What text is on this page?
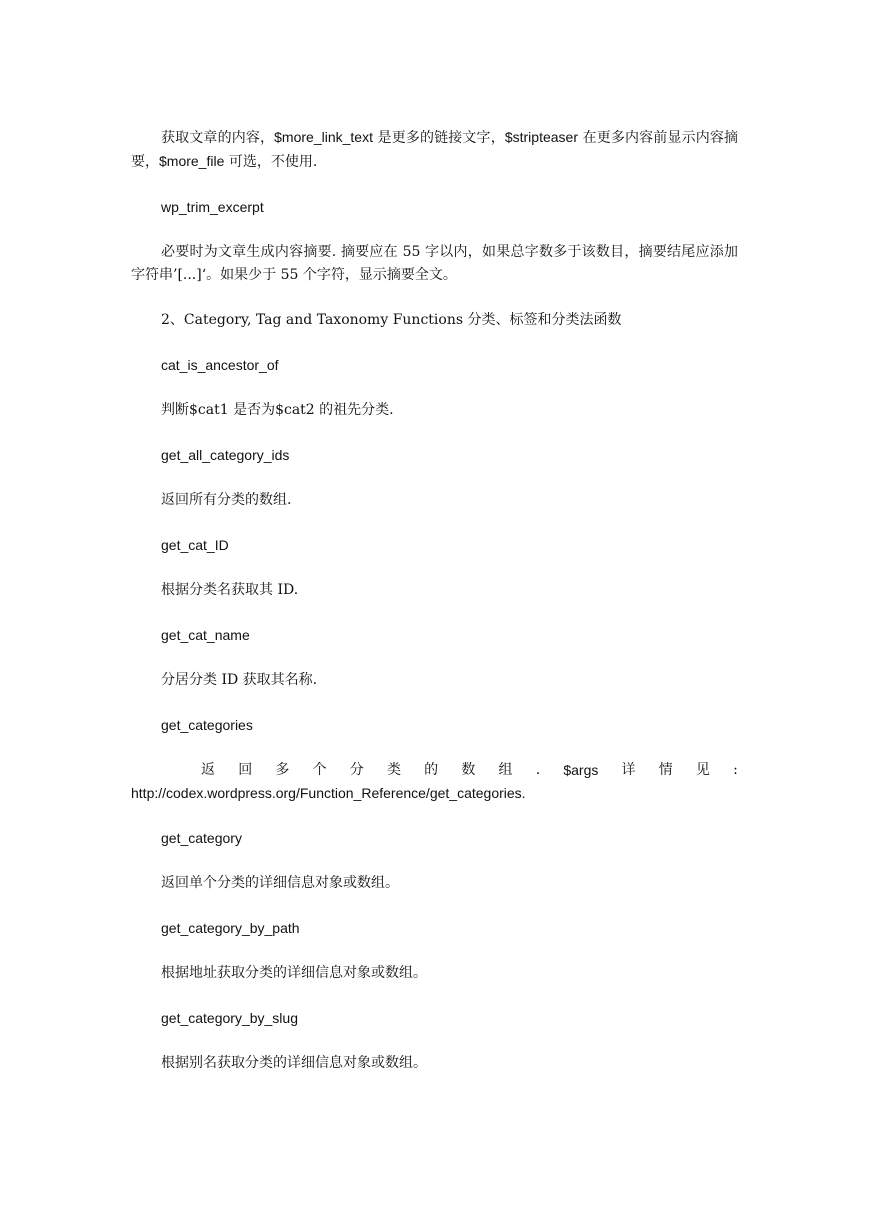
获取文章的内容，$more_link_text 是更多的链接文字，$stripteaser 在更多内容前显示内容摘要，$more_file 可选，不使用.

wp_trim_excerpt

必要时为文章生成内容摘要. 摘要应在 55 字以内，如果总字数多于该数目，摘要结尾应添加字符串’[...]‘。如果少于 55 个字符，显示摘要全文。

2、Category, Tag and Taxonomy Functions 分类、标签和分类法函数

cat_is_ancestor_of

判断$cat1 是否为$cat2 的祖先分类.

get_all_category_ids

返回所有分类的数组.

get_cat_ID

根据分类名获取其 ID.

get_cat_name

分居分类 ID 获取其名称.

get_categories

返 回 多 个 分 类 的 数 组 . $args 详 情 见 :
http://codex.wordpress.org/Function_Reference/get_categories.

get_category

返回单个分类的详细信息对象或数组。

get_category_by_path

根据地址获取分类的详细信息对象或数组。

get_category_by_slug

根据别名获取分类的详细信息对象或数组。
